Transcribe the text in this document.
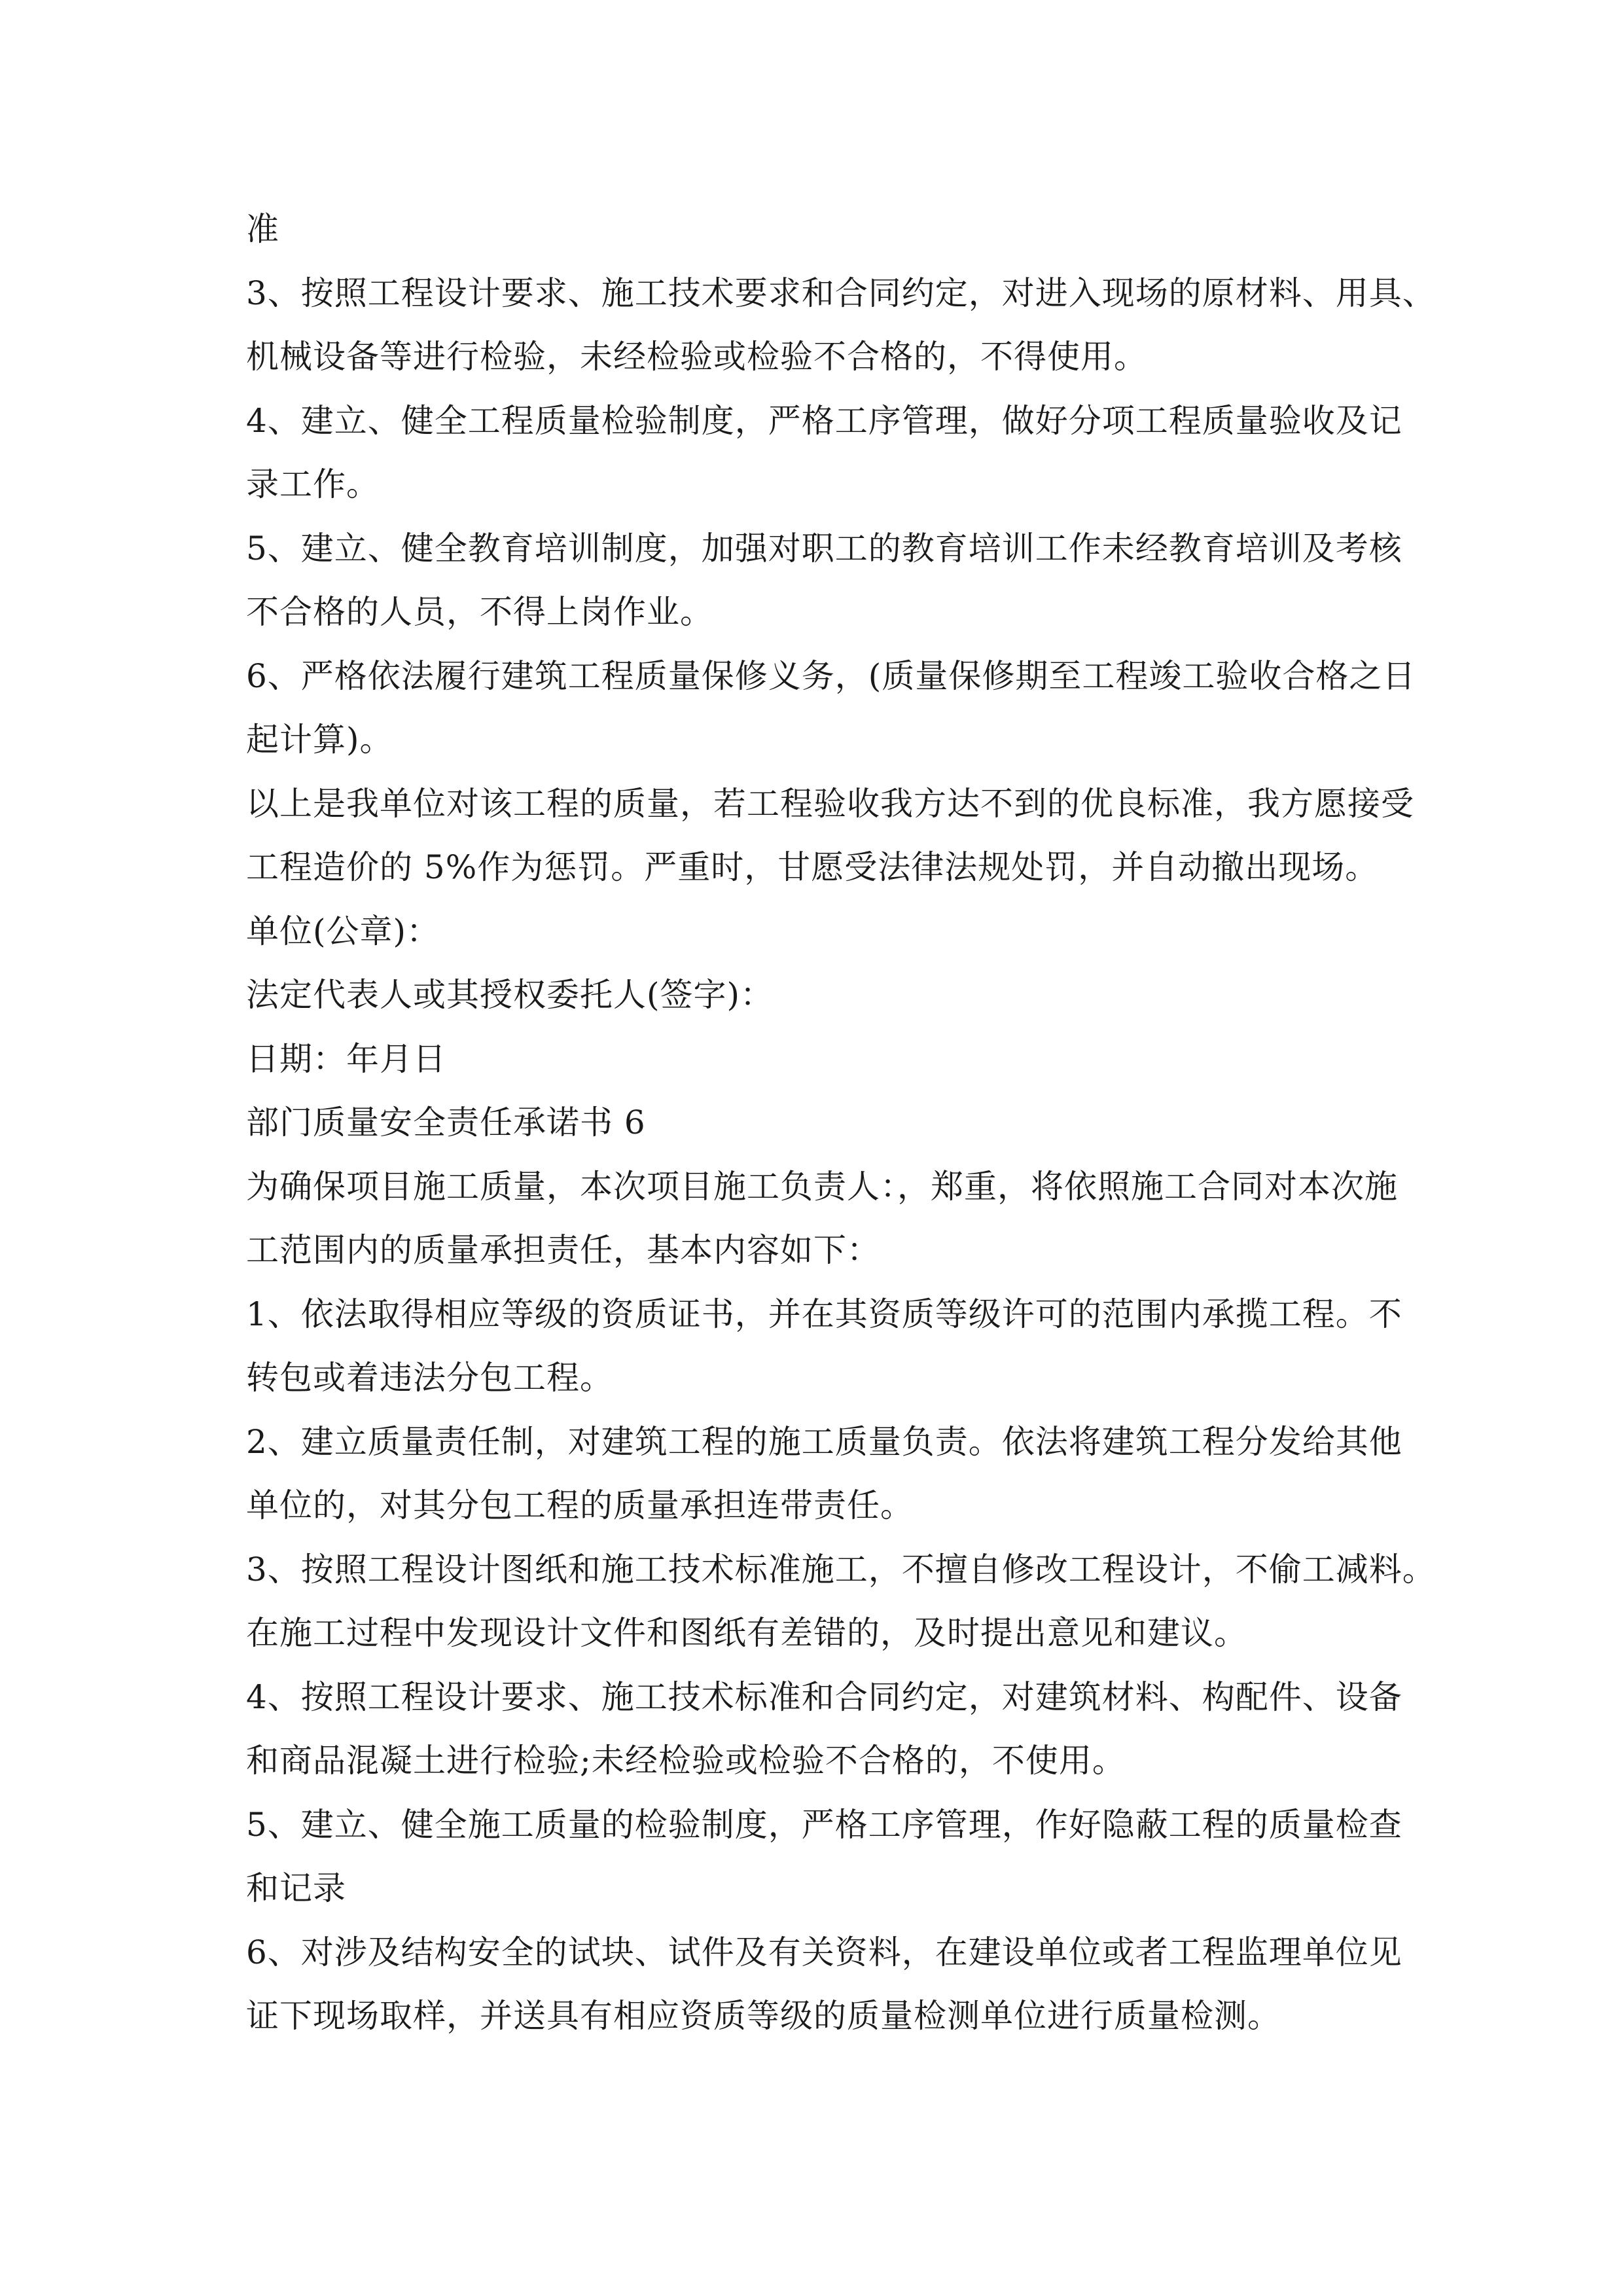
准
3、按照工程设计要求、施工技术要求和合同约定，对进入现场的原材料、用具、
机械设备等进行检验，未经检验或检验不合格的，不得使用。
4、建立、健全工程质量检验制度，严格工序管理，做好分项工程质量验收及记
录工作。
5、建立、健全教育培训制度，加强对职工的教育培训工作未经教育培训及考核
不合格的人员，不得上岗作业。
6、严格依法履行建筑工程质量保修义务，(质量保修期至工程竣工验收合格之日
起计算)。
以上是我单位对该工程的质量，若工程验收我方达不到的优良标准，我方愿接受
工程造价的 5%作为惩罚。严重时，甘愿受法律法规处罚，并自动撤出现场。
单位(公章)：
法定代表人或其授权委托人(签字)：
日期：年月日
部门质量安全责任承诺书 6
为确保项目施工质量，本次项目施工负责人：，郑重，将依照施工合同对本次施
工范围内的质量承担责任，基本内容如下：
1、依法取得相应等级的资质证书，并在其资质等级许可的范围内承揽工程。不
转包或着违法分包工程。
2、建立质量责任制，对建筑工程的施工质量负责。依法将建筑工程分发给其他
单位的，对其分包工程的质量承担连带责任。
3、按照工程设计图纸和施工技术标准施工，不擅自修改工程设计，不偷工减料。
在施工过程中发现设计文件和图纸有差错的，及时提出意见和建议。
4、按照工程设计要求、施工技术标准和合同约定，对建筑材料、构配件、设备
和商品混凝土进行检验;未经检验或检验不合格的，不使用。
5、建立、健全施工质量的检验制度，严格工序管理，作好隐蔽工程的质量检查
和记录
6、对涉及结构安全的试块、试件及有关资料，在建设单位或者工程监理单位见
证下现场取样，并送具有相应资质等级的质量检测单位进行质量检测。
